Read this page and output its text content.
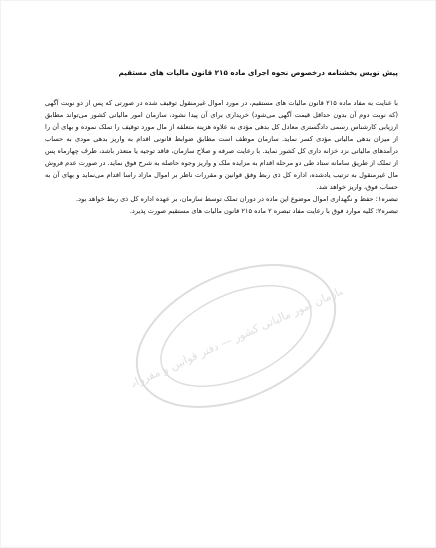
سازمان امور مالیاتی کشور — دفتر قوانین و مقررات
پیش نویس بخشنامه درخصوص نحوه اجرای ماده ۲۱۵ قانون مالیات های مستقیم

با عنایت به مفاد ماده ۲۱۵ قانون مالیات های مستقیم، در مورد اموال غیرمنقول توقیف شده در صورتی که پس از دو نوبت آگهی (که نوبت دوم آن بدون حداقل قیمت آگهی می‌شود) خریداری برای آن پیدا نشود، سازمان امور مالیاتی کشور می‌تواند مطابق ارزیابی کارشناس رسمی دادگستری معادل کل بدهی مؤدی به علاوه هزینه متعلقه از مال مورد توقیف را تملک نموده و بهای آن را از میزان بدهی مالیاتی مؤدی کسر نماید. سازمان موظف است مطابق ضوابط قانونی اقدام به واریز بدهی مودی به حساب درآمدهای مالیاتی نزد خزانه داری کل کشور نماید. با رعایت صرفه و صلاح سازمان، فاقد توجیه یا متعذر باشد، ظرف چهارماه پس از تملک از طریق سامانه ستاد طی دو مرحله اقدام به مزایده ملک و واریز وجوه حاصله به شرح فوق نماید. در صورت عدم فروش مال غیرمنقول به ترتیب یادشده، اداره کل ذی ربط وفق قوانین و مقررات ناظر بر اموال مازاد راسا اقدام می‌نماید و بهای آن به حساب فوق، واریز خواهد شد.

تبصره۱: حفظ و نگهداری اموال موضوع این ماده در دوران تملک توسط سازمان، بر عهده اداره کل ذی ربط خواهد بود.

تبصره۲: کلیه موارد فوق با رعایت مفاد تبصره ۲ ماده ۲۱۵ قانون مالیات های مستقیم صورت پذیرد.
